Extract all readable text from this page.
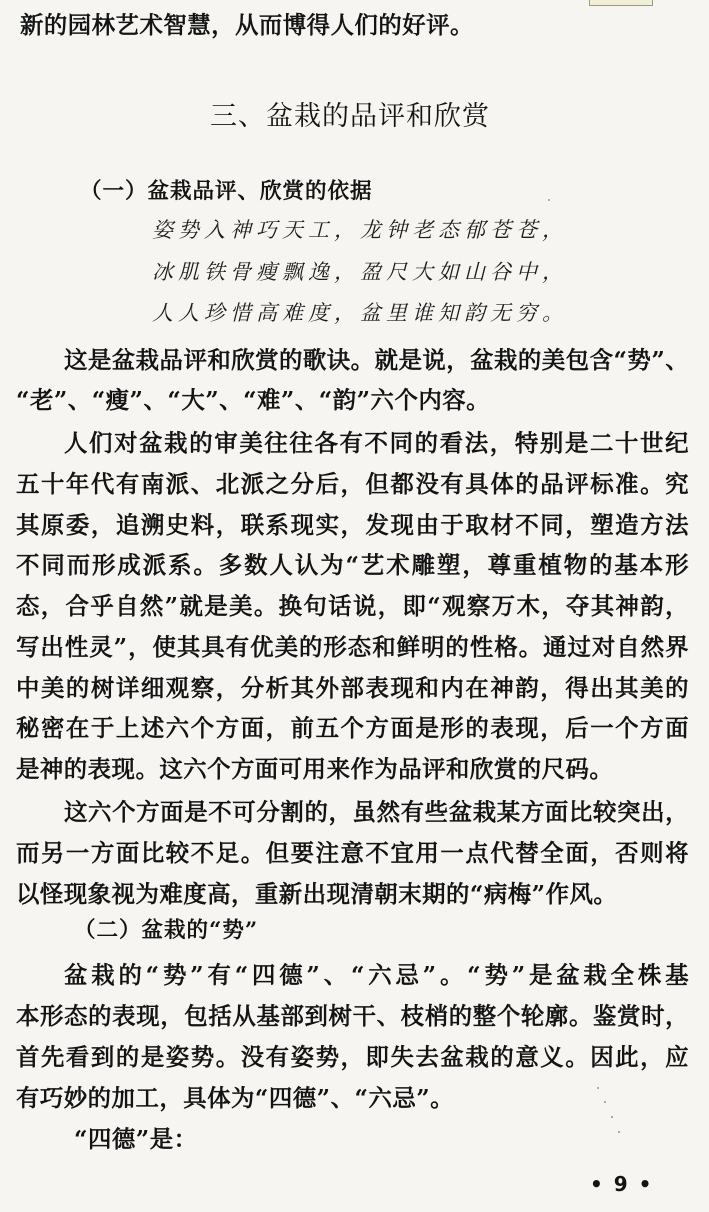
新的园林艺术智慧，从而博得人们的好评。
三、盆栽的品评和欣赏
（一）盆栽品评、欣赏的依据
姿势入神巧天工，龙钟老态郁苍苍，
冰肌铁骨瘦飘逸，盈尺大如山谷中，
人人珍惜高难度，盆里谁知韵无穷。
这是盆栽品评和欣赏的歌诀。就是说，盆栽的美包含“势”、
“老”、“瘦”、“大”、“难”、“韵”六个内容。
人们对盆栽的审美往往各有不同的看法，特别是二十世纪
五十年代有南派、北派之分后，但都没有具体的品评标准。究
其原委，追溯史料，联系现实，发现由于取材不同，塑造方法
不同而形成派系。多数人认为“艺术雕塑，尊重植物的基本形
态，合乎自然”就是美。换句话说，即“观察万木，夺其神韵，
写出性灵”，使其具有优美的形态和鲜明的性格。通过对自然界
中美的树详细观察，分析其外部表现和内在神韵，得出其美的
秘密在于上述六个方面，前五个方面是形的表现，后一个方面
是神的表现。这六个方面可用来作为品评和欣赏的尺码。
这六个方面是不可分割的，虽然有些盆栽某方面比较突出，
而另一方面比较不足。但要注意不宜用一点代替全面，否则将
以怪现象视为难度高，重新出现清朝末期的“病梅”作风。
（二）盆栽的“势”
盆栽的“势”有“四德”、“六忌”。“势”是盆栽全株基
本形态的表现，包括从基部到树干、枝梢的整个轮廓。鉴赏时，
首先看到的是姿势。没有姿势，即失去盆栽的意义。因此，应
有巧妙的加工，具体为“四德”、“六忌”。
“四德”是：
• 9 •
